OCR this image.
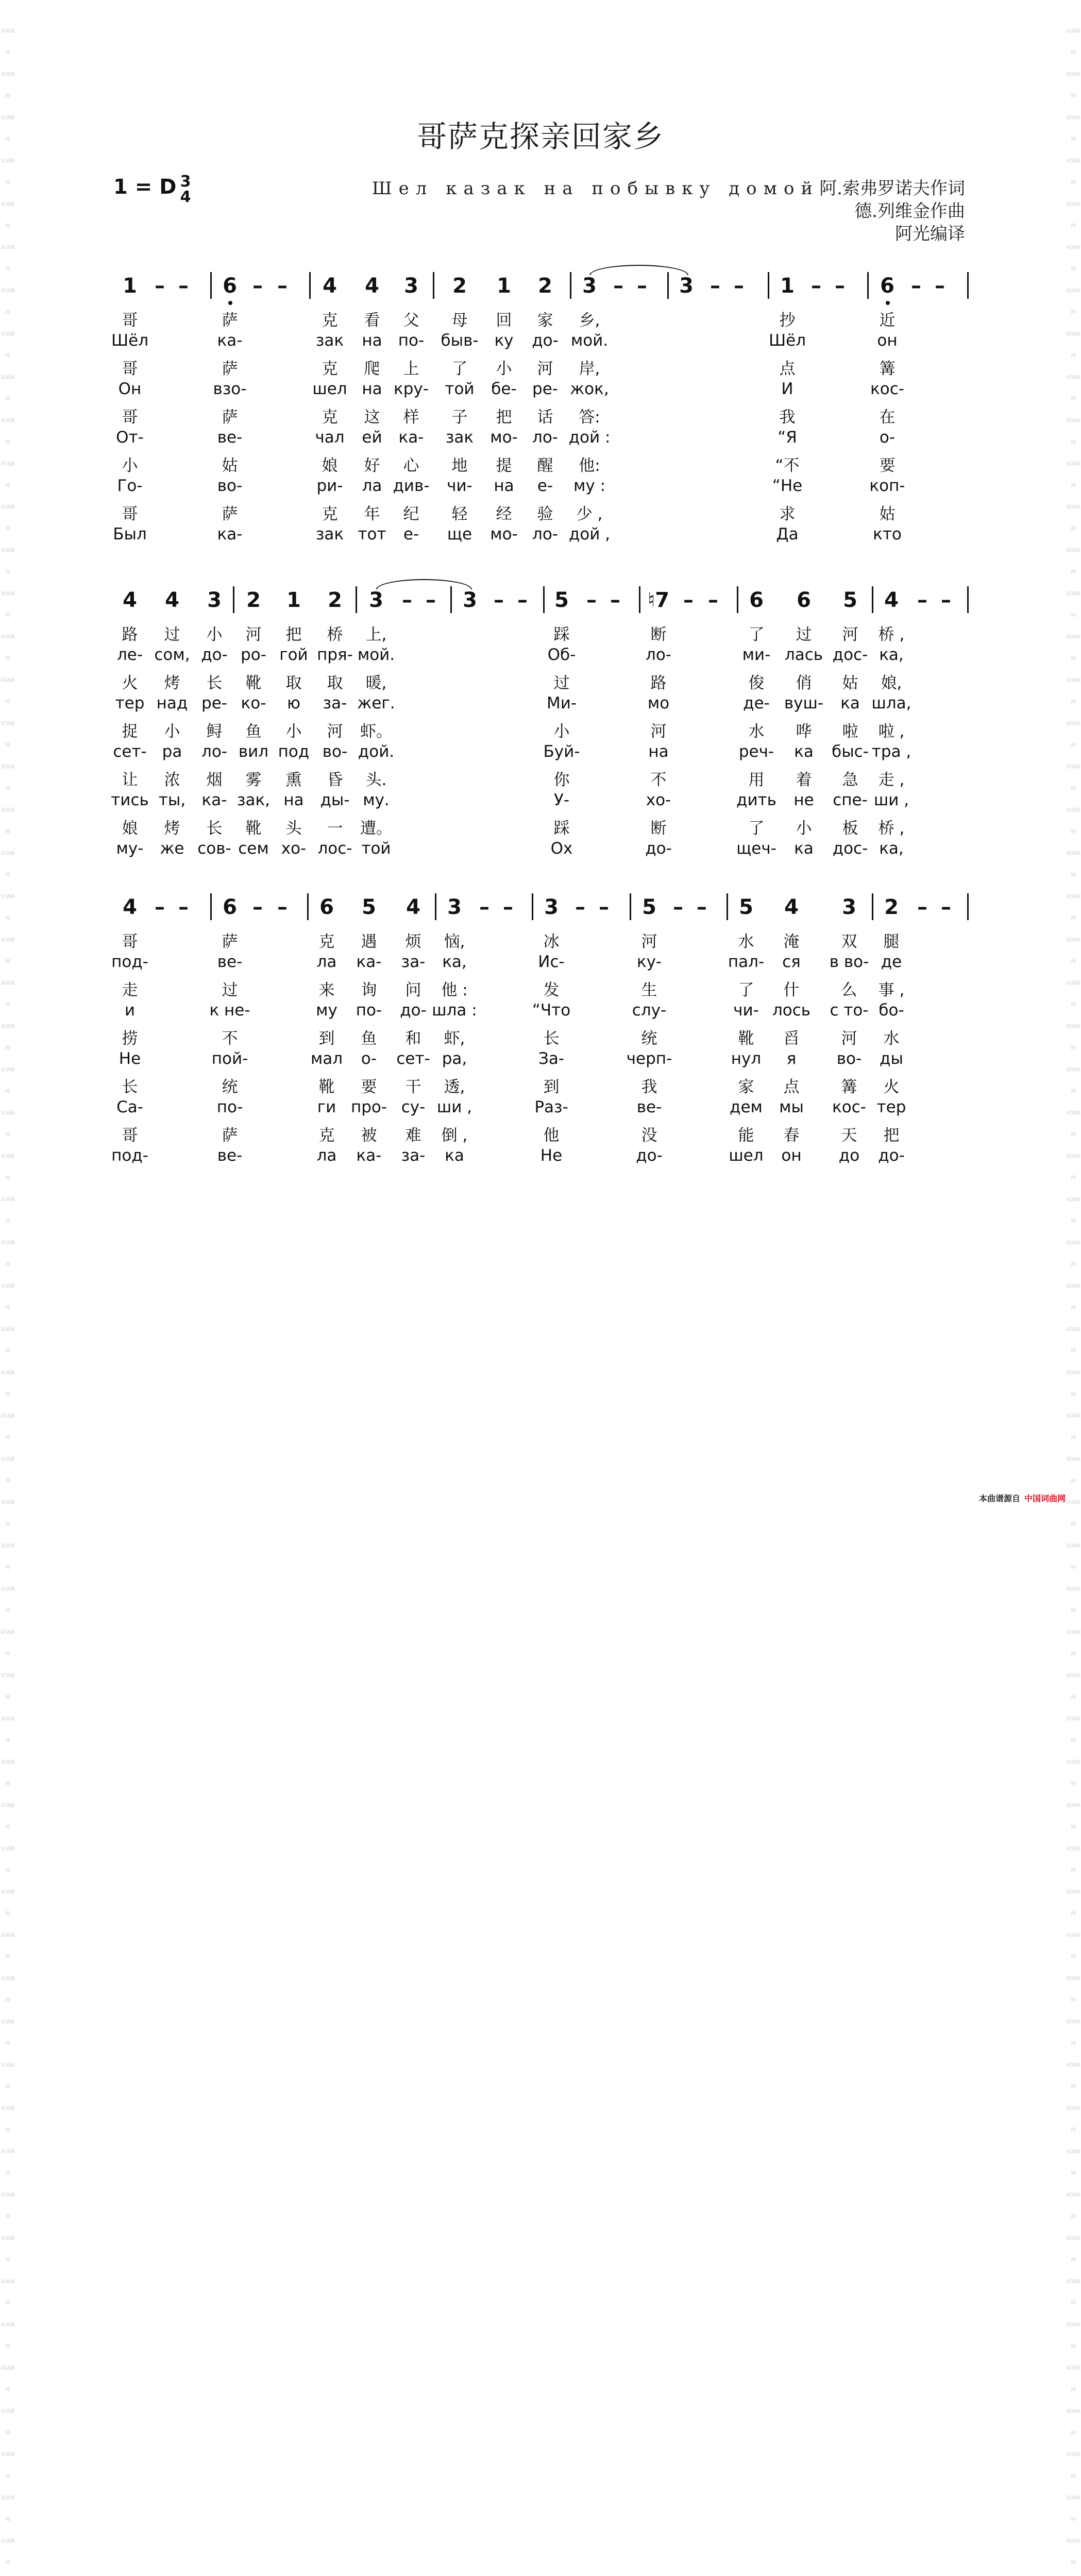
试读曲网
试读曲网
试读曲网
试读曲网
试读曲网
试读曲网
试读曲网
试读曲网
试读曲网
试读曲网
试读曲网
试读曲网
试读曲网
试读曲网
试读曲网
试读曲网
试读曲网
试读曲网
试读曲网
试读曲网
试读曲网
试读曲网
试读曲网
试读曲网
试读曲网
试读曲网
试读曲网
试读曲网
试读曲网
试读曲网
试读曲网
试读曲网
试读曲网
试读曲网
试读曲网
试读曲网
试读曲网
试读曲网
试读曲网
试读曲网
试读曲网
试读曲网
试读曲网
试读曲网
试读曲网
试读曲网
试读曲网
试读曲网
试读曲网
试读曲网
试读曲网
试读曲网
试读曲网
试读曲网
试读曲网
试读曲网
试读曲网
试读曲网
试读曲网
试读曲网
试读曲网
试读曲网
试读曲网
试读曲网
试读曲网
试读曲网
试读曲网
试读曲网
试读曲网
试读曲网
试读曲网
试读曲网
试读曲网
试读曲网
试读曲网
试读曲网
试读曲网
试读曲网
试读曲网
试读曲网
试读曲网
试读曲网
试读曲网
试读曲网
试读曲网
试读曲网
试读曲网
试读曲网
试读曲网
试读曲网
试读曲网
试读曲网
试读曲网
试读曲网
试读曲网
试读曲网
试读曲网
试读曲网
试读曲网
试读曲网
试读曲网
试读曲网
试读曲网
试读曲网
试读曲网
试读曲网
试读曲网
试读曲网
试读曲网
试读曲网
试读曲网
试读曲网
试读曲网
试读曲网
试读曲网
试读曲网
试读曲网
试读曲网
哥萨克探亲回家乡
1 = D 3
4	Шел казак на побывку домой阿.索弗罗诺夫作词
德.列维金作曲
阿光编译
1 – –	6 – –	4 4 3 2 1 2 3 – –	3 – –	1 – –	6 – –
哥	萨	克	看	父	母	回	家	乡,	抄	近
Шёл	ка-	зак	на	по-	быв- ку	до- мой.	Шёл	он
哥	萨	克	爬	上	了	小	河	岸,	点	篝
Он	взо-	шел на кру-	той	бе- ре- жок,	И	кос-
哥	萨	克	这	样	子	把	话	答:	我	在
От-	ве-	чал	ей	ка-	зак	мо- ло- дой :	“Я	о-
小	姑	娘	好	心	地	提	醒	他:	“不	要
Го-	во-	ри-	ла див-	чи-	на	е-	му :	“Не	коп-
哥	萨	克	年	纪	轻	经	验	少 ,	求	姑
Был	ка-	зак тот	е-	ще	мо- ло- дой ,	Да	кто
4 4 3 2 1 2 3 – –	3 – –	5 – –	♮7 – –	6 6 5 4 – –
路	过	小	河	把	桥	上,	踩	断	了	过	河	桥 ,
ле- сом, до- ро- гой пря- мой.	Об-	ло-	ми- лась дос- ка,
火	烤	长	靴	取	取	暖,	过	路	俊	俏	姑	娘,
тер над ре- ко-	ю	за- жег.	Ми-	мо	де- вуш-	ка шла,
捉	小	鲟	鱼	小	河	虾。	小	河	水	哗	啦	啦 ,
сет- ра	ло- вил под во- дой.	Буй-	на	реч-	ка	быс- тра ,
让	浓	烟	雾	熏	昏	头.	你	不	用	着	急	走 ,
тись ты,	ка- зак, на	ды- му.	У-	хо-	дить	не	спе- ши ,
娘	烤	长	靴	头	一	遭。	踩	断	了	小	板	桥 ,
му-	же сов- сем хо- лос- той	Ох	до-	щеч-	ка	дос- ка,
4 – –	6 – –	6 5 4 3 – –	3 – –	5 – –	5 4 3 2 – –
哥	萨	克	遇	烦	恼,	冰	河	水	淹	双	腿
под-	ве-	ла	ка-	за-	ка,	Ис-	ку-	пал-	ся	в во- де
走	过	来	询	问	他 :	发	生	了	什	么	事 ,
и	к не-	му	по-	до- шла :	“Что	слу-	чи- лось	с то- бо-
捞	不	到	鱼	和	虾,	长	统	靴	舀	河	水
Не	пой-	мал	о-	сет- ра,	За-	черп-	нул	я	во-	ды
长	统	靴	要	干	透,	到	我	家	点	篝	火
Са-	по-	ги про- су- ши ,	Раз-	ве-	дем	мы	кос- тер
哥	萨	克	被	难	倒 ,	他	没	能	春	天	把
под-	ве-	ла	ка-	за-	ка	Не	до-	шел	он	до	до-
本曲谱源自 中国词曲网
